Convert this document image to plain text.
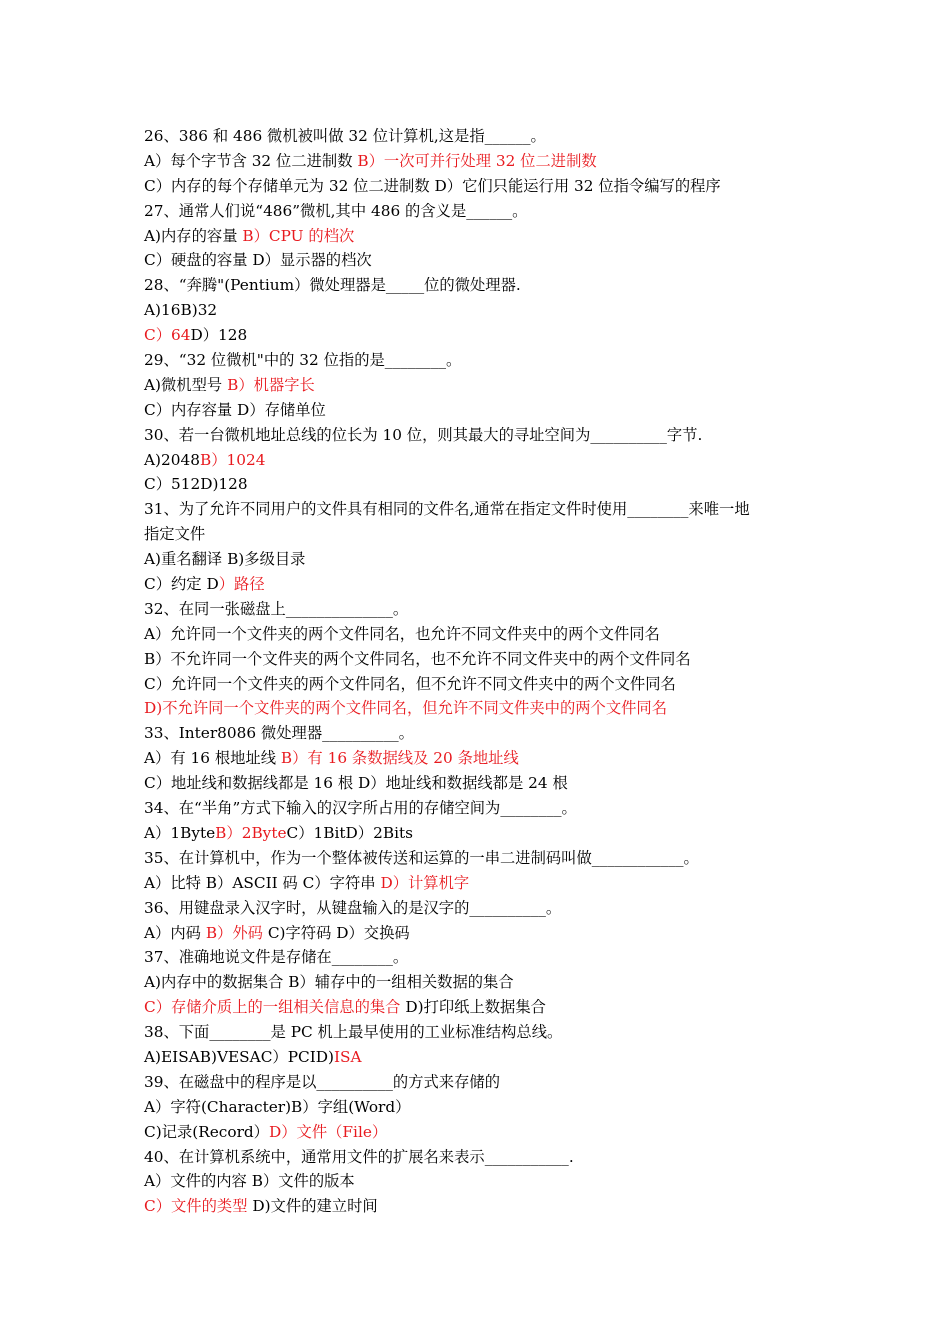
26、386 和 486 微机被叫做 32 位计算机,这是指______。
A）每个字节含 32 位二进制数 B）一次可并行处理 32 位二进制数
C）内存的每个存储单元为 32 位二进制数 D）它们只能运行用 32 位指令编写的程序
27、通常人们说“486”微机,其中 486 的含义是______。
A)内存的容量 B）CPU 的档次
C）硬盘的容量 D）显示器的档次
28、“奔腾"(Pentium）微处理器是_____位的微处理器.
A)16B)32
C）64D）128
29、“32 位微机"中的 32 位指的是________。
A)微机型号 B）机器字长
C）内存容量 D）存储单位
30、若一台微机地址总线的位长为 10 位，则其最大的寻址空间为__________字节.
A)2048B）1024
C）512D)128
31、为了允许不同用户的文件具有相同的文件名,通常在指定文件时使用________来唯一地
指定文件
A)重名翻译 B)多级目录
C）约定 D）路径
32、在同一张磁盘上______________。
A）允许同一个文件夹的两个文件同名，也允许不同文件夹中的两个文件同名
B）不允许同一个文件夹的两个文件同名，也不允许不同文件夹中的两个文件同名
C）允许同一个文件夹的两个文件同名，但不允许不同文件夹中的两个文件同名
D)不允许同一个文件夹的两个文件同名，但允许不同文件夹中的两个文件同名
33、Inter8086 微处理器__________。
A）有 16 根地址线 B）有 16 条数据线及 20 条地址线
C）地址线和数据线都是 16 根 D）地址线和数据线都是 24 根
34、在“半角”方式下输入的汉字所占用的存储空间为________。
A）1ByteB）2ByteC）1BitD）2Bits
35、在计算机中，作为一个整体被传送和运算的一串二进制码叫做____________。
A）比特 B）ASCII 码 C）字符串 D）计算机字
36、用键盘录入汉字时，从键盘输入的是汉字的__________。
A）内码 B）外码 C)字符码 D）交换码
37、准确地说文件是存储在________。
A)内存中的数据集合 B）辅存中的一组相关数据的集合
C）存储介质上的一组相关信息的集合 D)打印纸上数据集合
38、下面________是 PC 机上最早使用的工业标准结构总线。
A)EISAB)VESAC）PCID)ISA
39、在磁盘中的程序是以__________的方式来存储的
A）字符(Character)B）字组(Word）
C)记录(Record）D）文件（File）
40、在计算机系统中，通常用文件的扩展名来表示___________.
A）文件的内容 B）文件的版本
C）文件的类型 D)文件的建立时间
